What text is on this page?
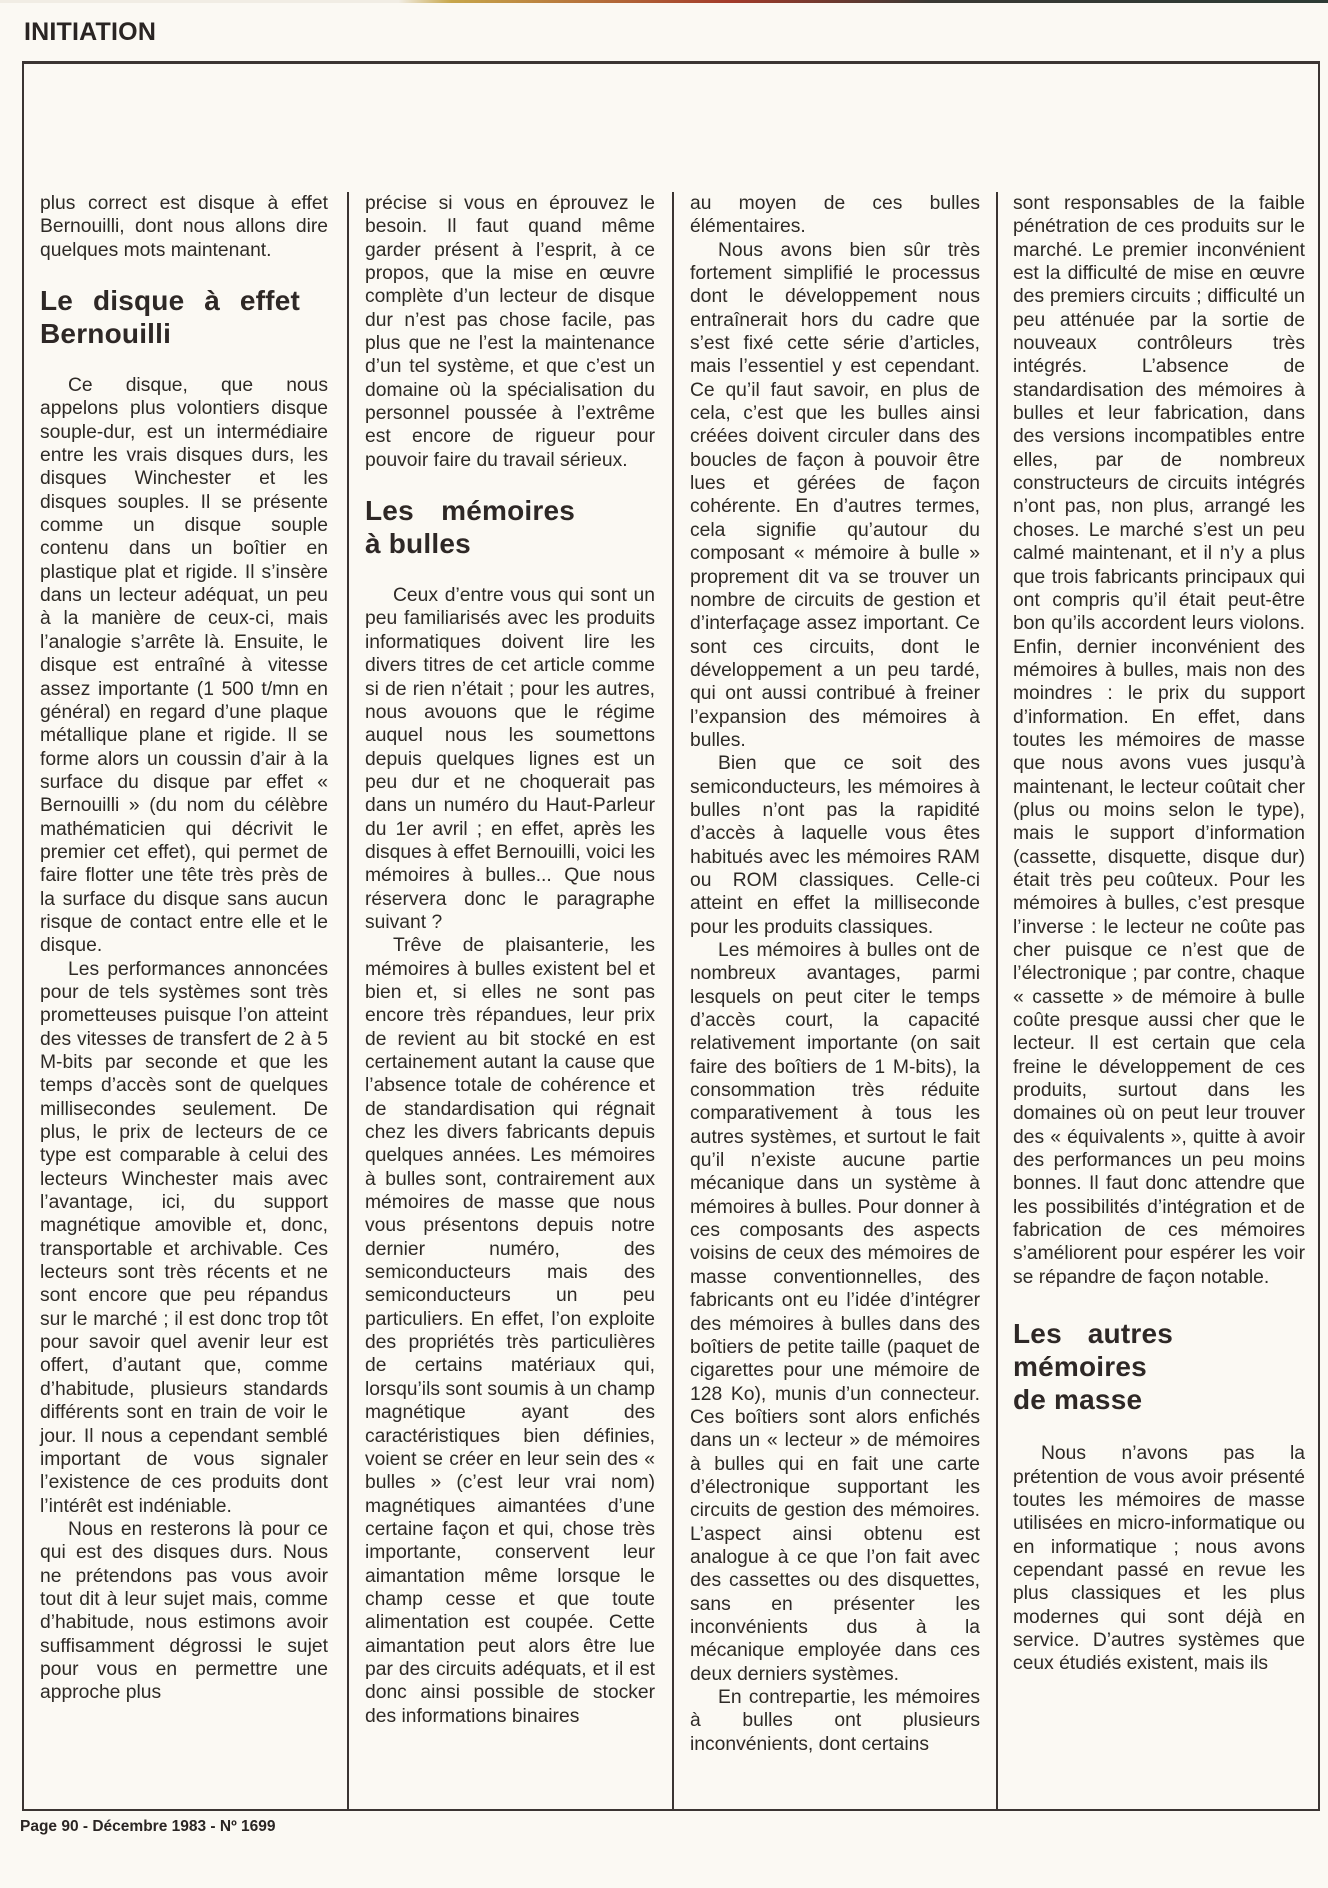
INITIATION

plus correct est disque à effet Bernouilli, dont nous allons dire quelques mots maintenant.

Le disque à effet Bernouilli

Ce disque, que nous appelons plus volontiers disque souple-dur, est un intermédiaire entre les vrais disques durs, les disques Winchester et les disques souples. Il se présente comme un disque souple contenu dans un boîtier en plastique plat et rigide. Il s’insère dans un lecteur adéquat, un peu à la manière de ceux-ci, mais l’analogie s’arrête là. Ensuite, le disque est entraîné à vitesse assez importante (1 500 t/mn en général) en regard d’une plaque métallique plane et rigide. Il se forme alors un coussin d’air à la surface du disque par effet « Bernouilli » (du nom du célèbre mathématicien qui décrivit le premier cet effet), qui permet de faire flotter une tête très près de la surface du disque sans aucun risque de contact entre elle et le disque.

Les performances annoncées pour de tels systèmes sont très prometteuses puisque l’on atteint des vitesses de transfert de 2 à 5 M-bits par seconde et que les temps d’accès sont de quelques millisecondes seulement. De plus, le prix de lecteurs de ce type est comparable à celui des lecteurs Winchester mais avec l’avantage, ici, du support magnétique amovible et, donc, transportable et archivable. Ces lecteurs sont très récents et ne sont encore que peu répandus sur le marché ; il est donc trop tôt pour savoir quel avenir leur est offert, d’autant que, comme d’habitude, plusieurs standards différents sont en train de voir le jour. Il nous a cependant semblé important de vous signaler l’existence de ces produits dont l’intérêt est indéniable.

Nous en resterons là pour ce qui est des disques durs. Nous ne prétendons pas vous avoir tout dit à leur sujet mais, comme d’habitude, nous estimons avoir suffisamment dégrossi le sujet pour vous en permettre une approche plus

précise si vous en éprouvez le besoin. Il faut quand même garder présent à l’esprit, à ce propos, que la mise en œuvre complète d’un lecteur de disque dur n’est pas chose facile, pas plus que ne l’est la maintenance d’un tel système, et que c’est un domaine où la spécialisation du personnel poussée à l’extrême est encore de rigueur pour pouvoir faire du travail sérieux.

Les mémoires à bulles

Ceux d’entre vous qui sont un peu familiarisés avec les produits informatiques doivent lire les divers titres de cet article comme si de rien n’était ; pour les autres, nous avouons que le régime auquel nous les soumettons depuis quelques lignes est un peu dur et ne choquerait pas dans un numéro du Haut-Parleur du 1er avril ; en effet, après les disques à effet Bernouilli, voici les mémoires à bulles... Que nous réservera donc le paragraphe suivant ?

Trêve de plaisanterie, les mémoires à bulles existent bel et bien et, si elles ne sont pas encore très répandues, leur prix de revient au bit stocké en est certainement autant la cause que l’absence totale de cohérence et de standardisation qui régnait chez les divers fabricants depuis quelques années. Les mémoires à bulles sont, contrairement aux mémoires de masse que nous vous présentons depuis notre dernier numéro, des semiconducteurs mais des semiconducteurs un peu particuliers. En effet, l’on exploite des propriétés très particulières de certains matériaux qui, lorsqu’ils sont soumis à un champ magnétique ayant des caractéristiques bien définies, voient se créer en leur sein des « bulles » (c’est leur vrai nom) magnétiques aimantées d’une certaine façon et qui, chose très importante, conservent leur aimantation même lorsque le champ cesse et que toute alimentation est coupée. Cette aimantation peut alors être lue par des circuits adéquats, et il est donc ainsi possible de stocker des informations binaires

au moyen de ces bulles élémentaires.

Nous avons bien sûr très fortement simplifié le processus dont le développement nous entraînerait hors du cadre que s’est fixé cette série d’articles, mais l’essentiel y est cependant. Ce qu’il faut savoir, en plus de cela, c’est que les bulles ainsi créées doivent circuler dans des boucles de façon à pouvoir être lues et gérées de façon cohérente. En d’autres termes, cela signifie qu’autour du composant « mémoire à bulle » proprement dit va se trouver un nombre de circuits de gestion et d’interfaçage assez important. Ce sont ces circuits, dont le développement a un peu tardé, qui ont aussi contribué à freiner l’expansion des mémoires à bulles.

Bien que ce soit des semiconducteurs, les mémoires à bulles n’ont pas la rapidité d’accès à laquelle vous êtes habitués avec les mémoires RAM ou ROM classiques. Celle-ci atteint en effet la milliseconde pour les produits classiques.

Les mémoires à bulles ont de nombreux avantages, parmi lesquels on peut citer le temps d’accès court, la capacité relativement importante (on sait faire des boîtiers de 1 M-bits), la consommation très réduite comparativement à tous les autres systèmes, et surtout le fait qu’il n’existe aucune partie mécanique dans un système à mémoires à bulles. Pour donner à ces composants des aspects voisins de ceux des mémoires de masse conventionnelles, des fabricants ont eu l’idée d’intégrer des mémoires à bulles dans des boîtiers de petite taille (paquet de cigarettes pour une mémoire de 128 Ko), munis d’un connecteur. Ces boîtiers sont alors enfichés dans un « lecteur » de mémoires à bulles qui en fait une carte d’électronique supportant les circuits de gestion des mémoires. L’aspect ainsi obtenu est analogue à ce que l’on fait avec des cassettes ou des disquettes, sans en présenter les inconvénients dus à la mécanique employée dans ces deux derniers systèmes.

En contrepartie, les mémoires à bulles ont plusieurs inconvénients, dont certains

sont responsables de la faible pénétration de ces produits sur le marché. Le premier inconvénient est la difficulté de mise en œuvre des premiers circuits ; difficulté un peu atténuée par la sortie de nouveaux contrôleurs très intégrés. L’absence de standardisation des mémoires à bulles et leur fabrication, dans des versions incompatibles entre elles, par de nombreux constructeurs de circuits intégrés n’ont pas, non plus, arrangé les choses. Le marché s’est un peu calmé maintenant, et il n’y a plus que trois fabricants principaux qui ont compris qu’il était peut-être bon qu’ils accordent leurs violons. Enfin, dernier inconvénient des mémoires à bulles, mais non des moindres : le prix du support d’information. En effet, dans toutes les mémoires de masse que nous avons vues jusqu’à maintenant, le lecteur coûtait cher (plus ou moins selon le type), mais le support d’information (cassette, disquette, disque dur) était très peu coûteux. Pour les mémoires à bulles, c’est presque l’inverse : le lecteur ne coûte pas cher puisque ce n’est que de l’électronique ; par contre, chaque « cassette » de mémoire à bulle coûte presque aussi cher que le lecteur. Il est certain que cela freine le développement de ces produits, surtout dans les domaines où on peut leur trouver des « équivalents », quitte à avoir des performances un peu moins bonnes. Il faut donc attendre que les possibilités d’intégration et de fabrication de ces mémoires s’améliorent pour espérer les voir se répandre de façon notable.

Les autres mémoires de masse

Nous n’avons pas la prétention de vous avoir présenté toutes les mémoires de masse utilisées en micro-informatique ou en informatique ; nous avons cependant passé en revue les plus classiques et les plus modernes qui sont déjà en service. D’autres systèmes que ceux étudiés existent, mais ils

Page 90 - Décembre 1983 - Nº 1699
